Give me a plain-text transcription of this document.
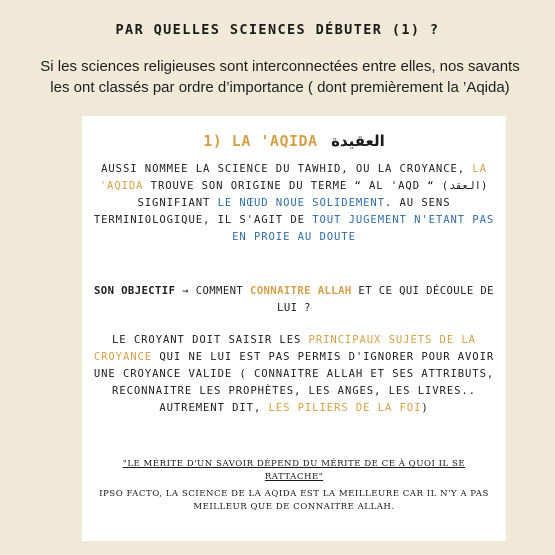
PAR QUELLES SCIENCES DÉBUTER (1) ?
Si les sciences religieuses sont interconnectées entre elles, nos savants les ont classés par ordre d’importance ( dont premièrement la ’Aqida)
1) LA 'AQIDA العقيدة
AUSSI NOMMEE LA SCIENCE DU TAWHID, OU LA CROYANCE, LA 'AQIDA TROUVE SON ORIGINE DU TERME “ AL 'AQD “ (العقد) SIGNIFIANT LE NŒUD NOUE SOLIDEMENT. AU SENS TERMINIOLOGIQUE, IL S'AGIT DE TOUT JUGEMENT N'ETANT PAS EN PROIE AU DOUTE
SON OBJECTIF → COMMENT CONNAITRE ALLAH ET CE QUI DÉCOULE DE LUI ?
LE CROYANT DOIT SAISIR LES PRINCIPAUX SUJETS DE LA CROYANCE QUI NE LUI EST PAS PERMIS D'IGNORER POUR AVOIR UNE CROYANCE VALIDE ( CONNAITRE ALLAH ET SES ATTRIBUTS, RECONNAITRE LES PROPHÈTES, LES ANGES, LES LIVRES.. AUTREMENT DIT, LES PILIERS DE LA FOI)
"LE MÉRITE D'UN SAVOIR DÉPEND DU MÉRITE DE CE À QUOI IL SE RATTACHE"
IPSO FACTO, LA SCIENCE DE LA AQIDA EST LA MEILLEURE CAR IL N'Y A PAS MEILLEUR QUE DE CONNAITRE ALLAH.
